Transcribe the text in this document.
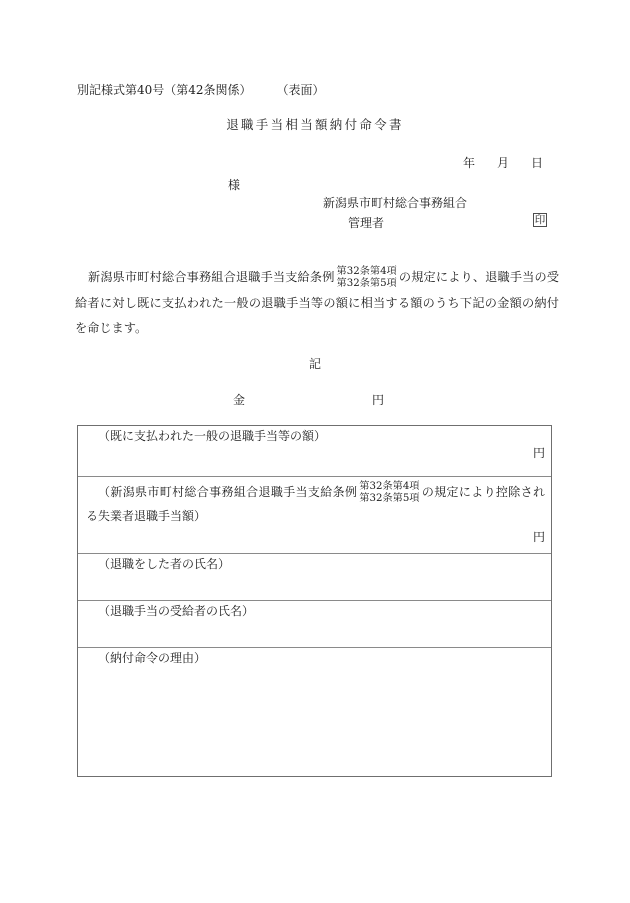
別記様式第40号（第42条関係） （表面）
退職手当相当額納付命令書
年 月 日
様
新潟県市町村総合事務組合
管理者	印
新潟県市町村総合事務組合退職手当支給条例 第32条第4項
第32条第5項 の規定により、退職手当の受給者に対し既に支払われた一般の退職手当等の額に相当する額のうち下記の金額の納付を命じます。
記
金	円
（既に支払われた一般の退職手当等の額）
円
（新潟県市町村総合事務組合退職手当支給条例 第32条第4項
第32条第5項 の規定により控除される失業者退職手当額）
円
（退職をした者の氏名）
（退職手当の受給者の氏名）
（納付命令の理由）
